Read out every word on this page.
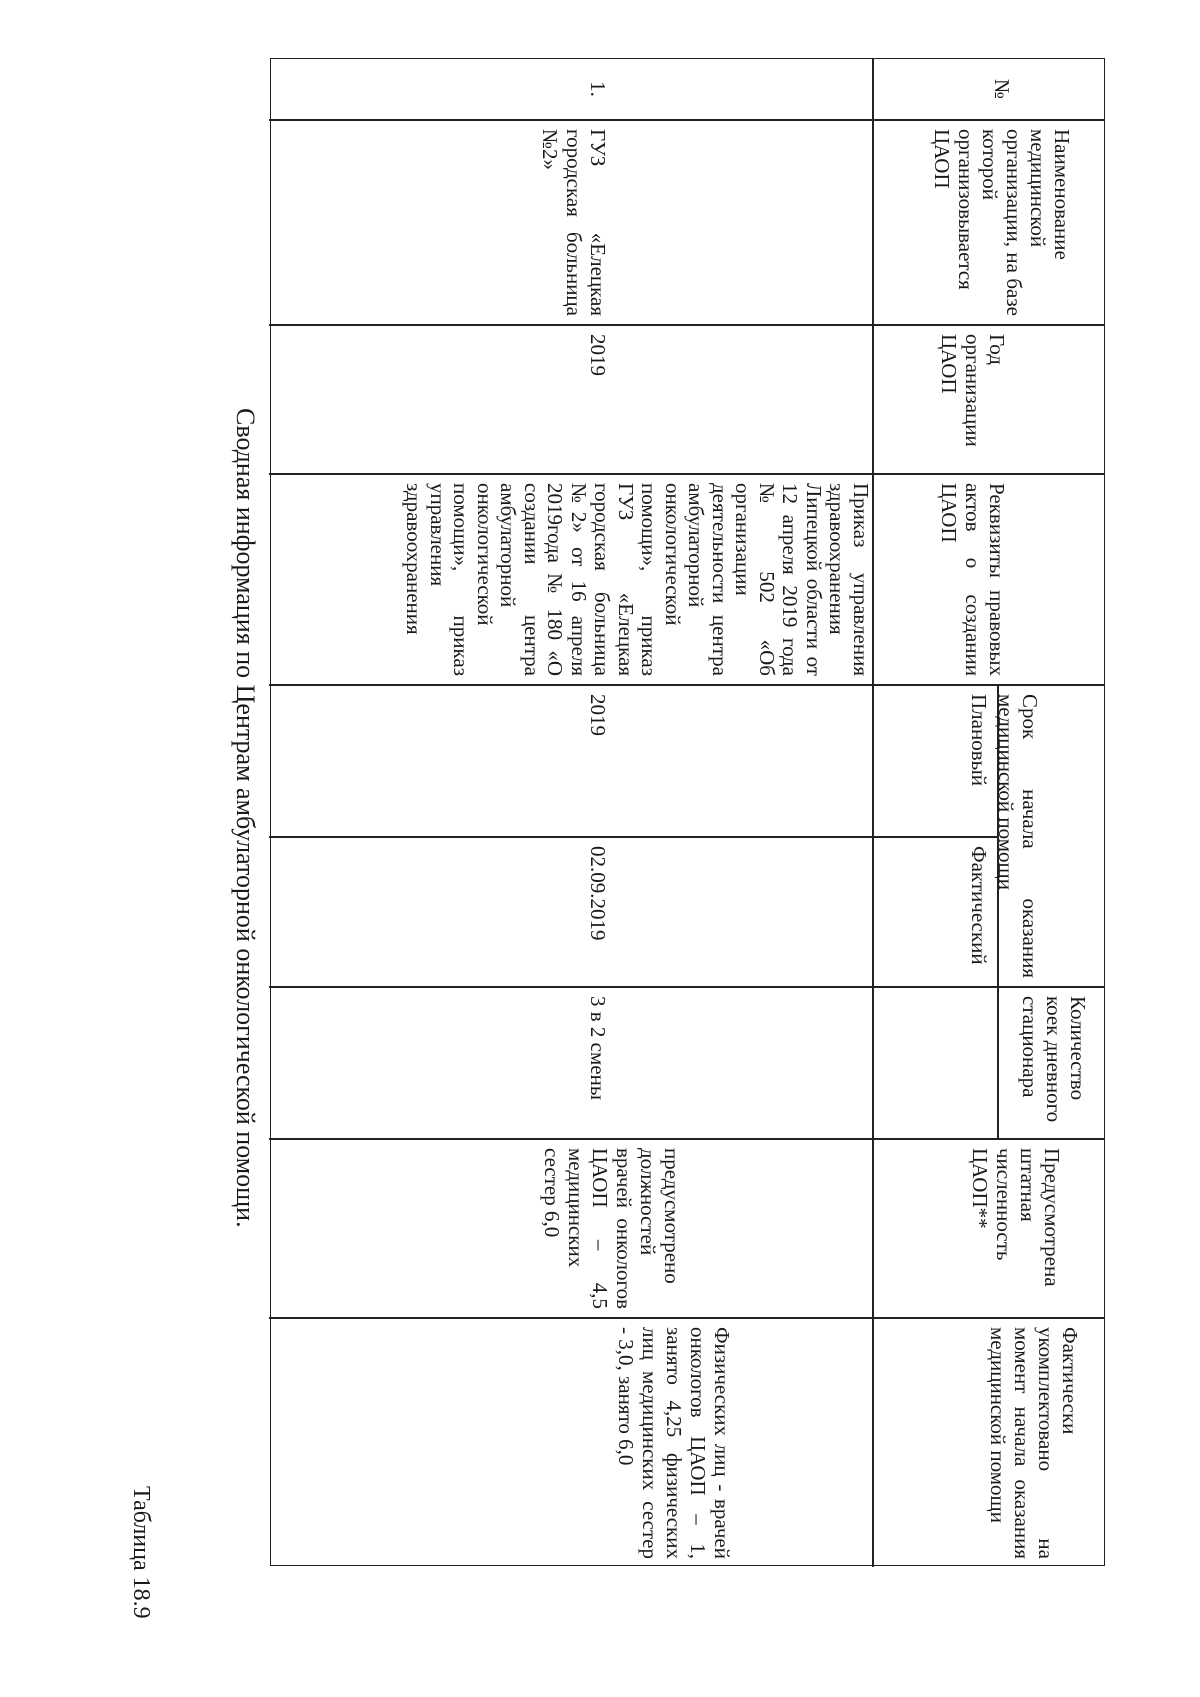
Таблица 18.9
Сводная информация по Центрам амбулаторной онкологической помощи.
№
Наименование медицинской организации, на базе которой организовывается ЦАОП
Год организации ЦАОП
Реквизиты правовых актов о создании ЦАОП
Срок начала оказания медицинской помощи
Плановый
Фактический
Количество коек дневного стационара
Предусмотрена штатная численность ЦАОП**
Фактически укомплектовано на момент начала оказания медицинской помощи
1.
ГУЗ «Елецкая городская больница №2»
2019
Приказ управления здравоохранения Липецкой области от 12 апреля 2019 года № 502 «Об организации деятельности центра амбулаторной онкологической помощи», приказ ГУЗ «Елецкая городская больница №2» от 16 апреля 2019года № 180 «О создании центра амбулаторной онкологической помощи», приказ управления здравоохранения
2019
02.09.2019
3 в 2 смены
предусмотрено должностей врачей онкологов ЦАОП – 4,5 медицинских сестер 6,0
Физических лиц - врачей онкологов ЦАОП – 1, занято 4,25 физических лиц медицинских сестер - 3,0, занято 6,0
